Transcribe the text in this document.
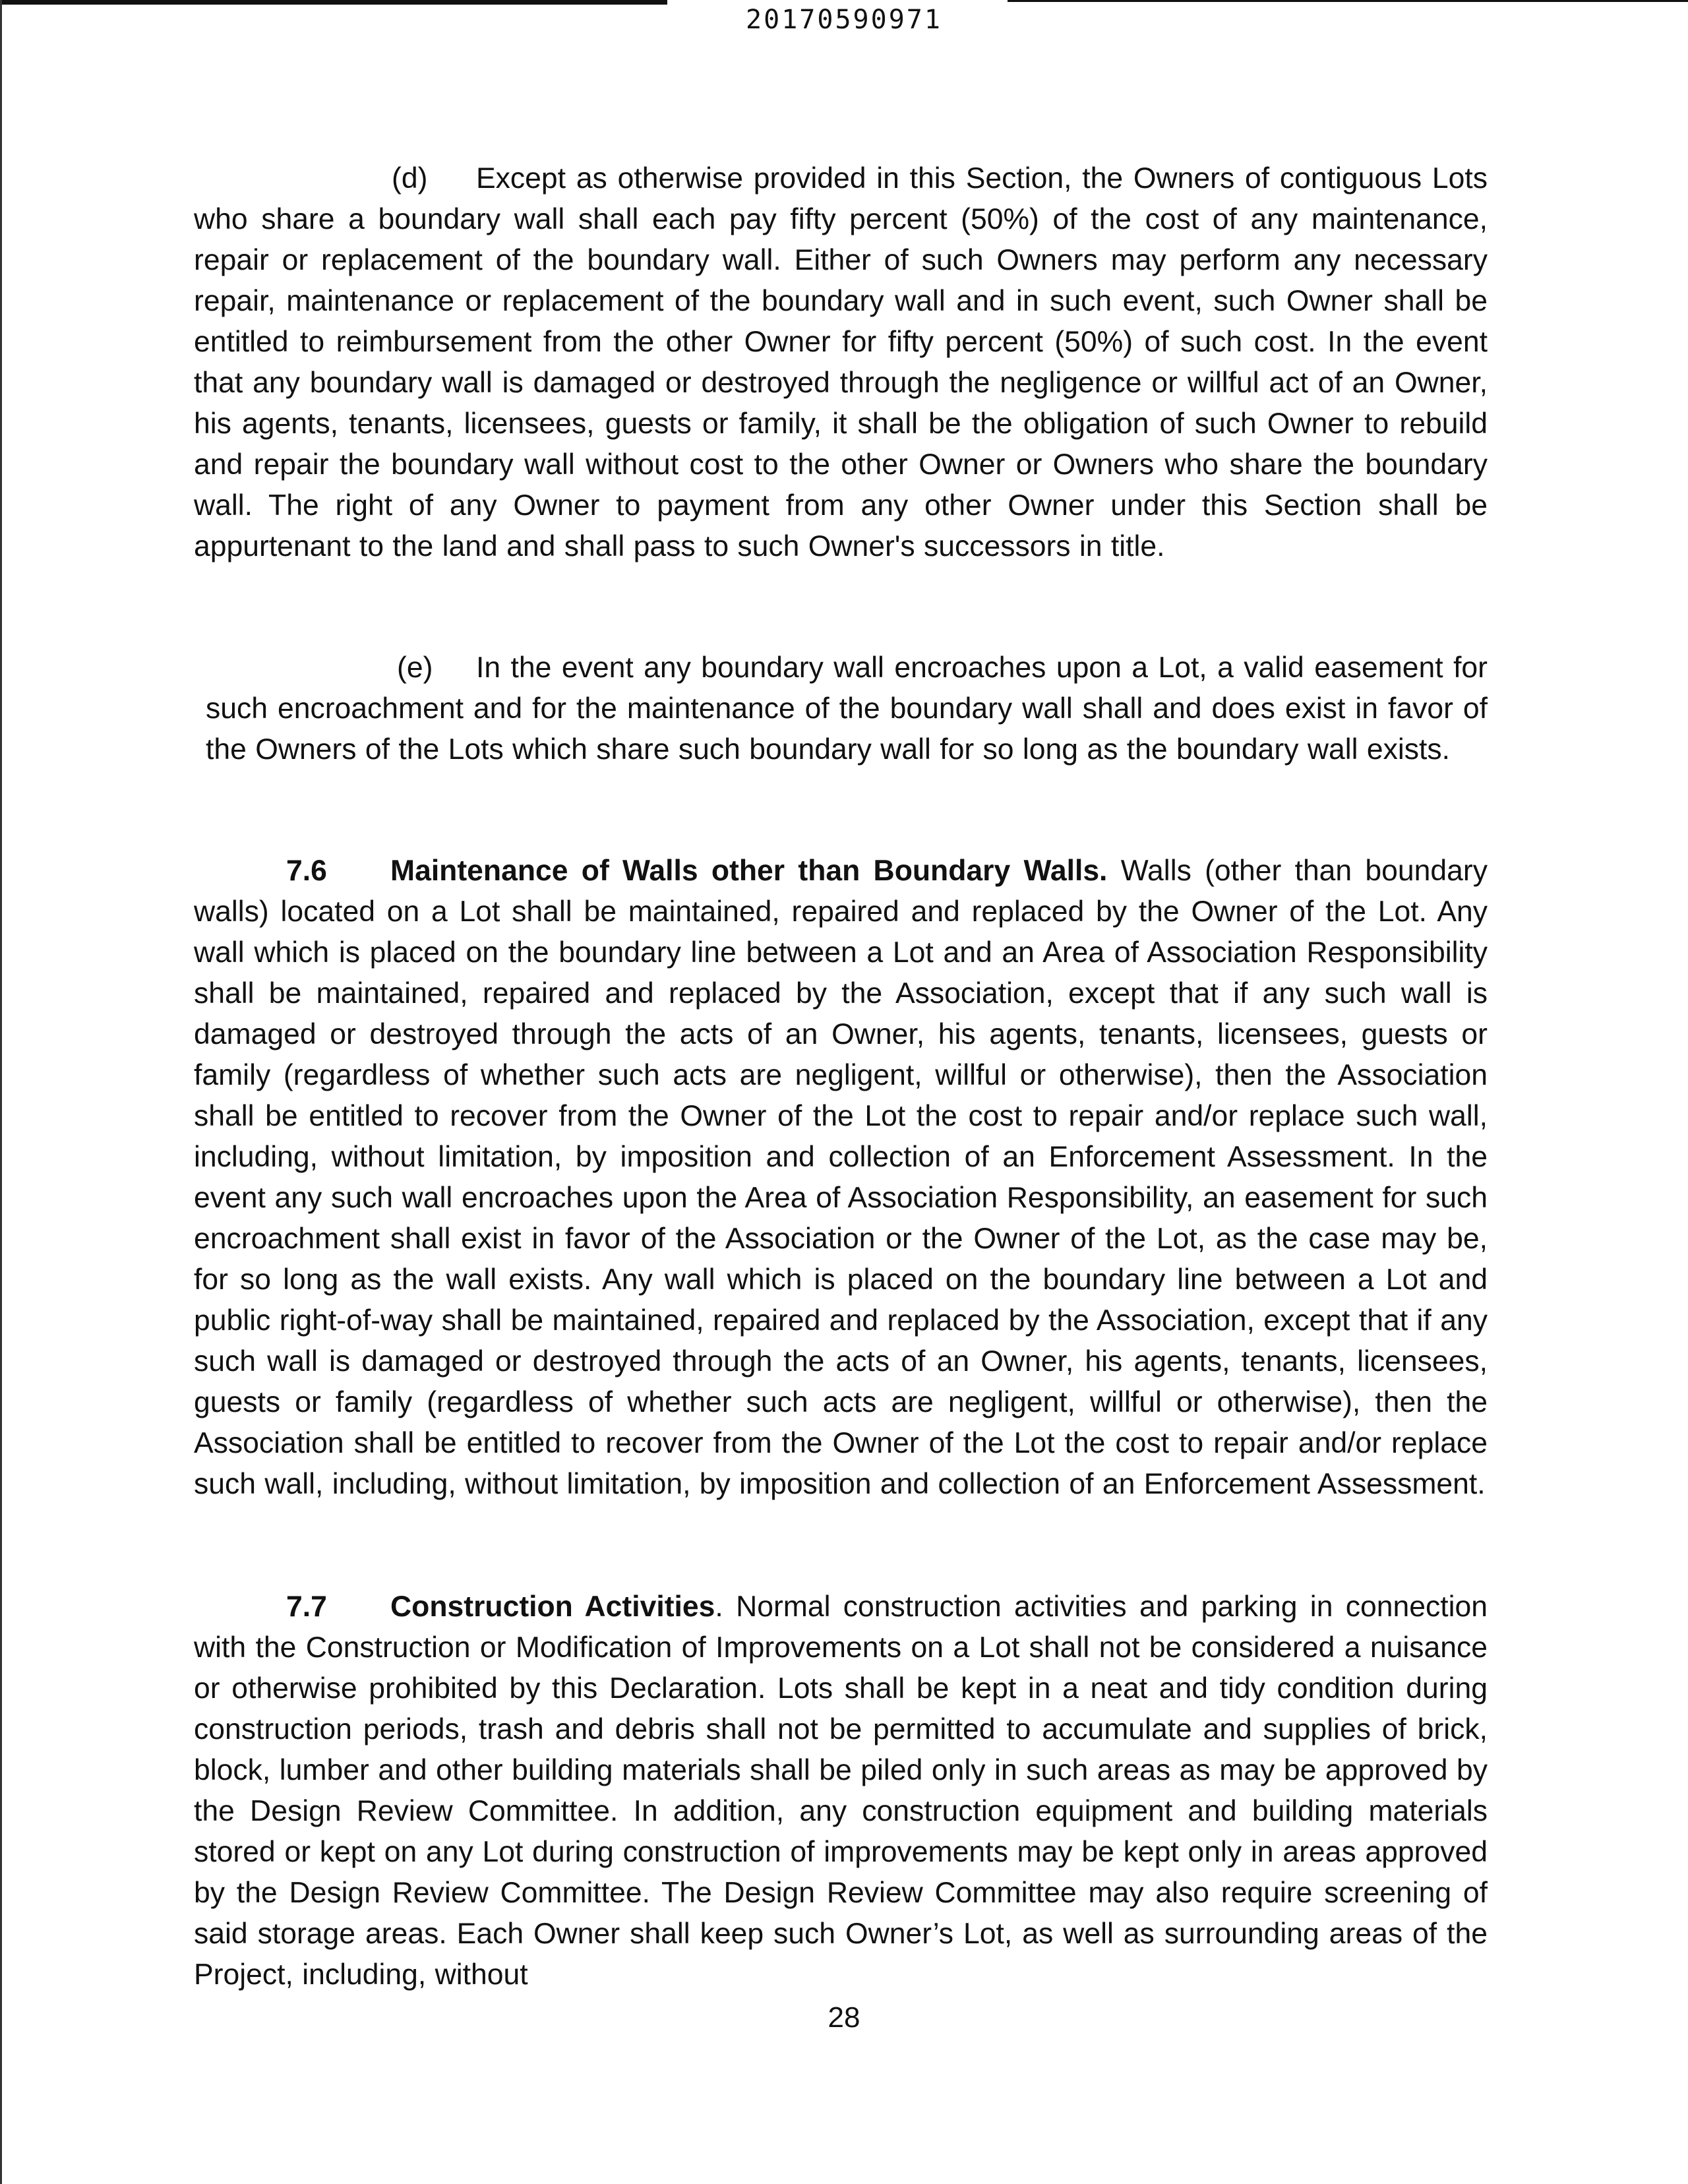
20170590971

(d) Except as otherwise provided in this Section, the Owners of contiguous Lots who share a boundary wall shall each pay fifty percent (50%) of the cost of any maintenance, repair or replacement of the boundary wall. Either of such Owners may perform any necessary repair, maintenance or replacement of the boundary wall and in such event, such Owner shall be entitled to reimbursement from the other Owner for fifty percent (50%) of such cost. In the event that any boundary wall is damaged or destroyed through the negligence or willful act of an Owner, his agents, tenants, licensees, guests or family, it shall be the obligation of such Owner to rebuild and repair the boundary wall without cost to the other Owner or Owners who share the boundary wall. The right of any Owner to payment from any other Owner under this Section shall be appurtenant to the land and shall pass to such Owner's successors in title.

(e) In the event any boundary wall encroaches upon a Lot, a valid easement for such encroachment and for the maintenance of the boundary wall shall and does exist in favor of the Owners of the Lots which share such boundary wall for so long as the boundary wall exists.

7.6 Maintenance of Walls other than Boundary Walls. Walls (other than boundary walls) located on a Lot shall be maintained, repaired and replaced by the Owner of the Lot. Any wall which is placed on the boundary line between a Lot and an Area of Association Responsibility shall be maintained, repaired and replaced by the Association, except that if any such wall is damaged or destroyed through the acts of an Owner, his agents, tenants, licensees, guests or family (regardless of whether such acts are negligent, willful or otherwise), then the Association shall be entitled to recover from the Owner of the Lot the cost to repair and/or replace such wall, including, without limitation, by imposition and collection of an Enforcement Assessment. In the event any such wall encroaches upon the Area of Association Responsibility, an easement for such encroachment shall exist in favor of the Association or the Owner of the Lot, as the case may be, for so long as the wall exists. Any wall which is placed on the boundary line between a Lot and public right-of-way shall be maintained, repaired and replaced by the Association, except that if any such wall is damaged or destroyed through the acts of an Owner, his agents, tenants, licensees, guests or family (regardless of whether such acts are negligent, willful or otherwise), then the Association shall be entitled to recover from the Owner of the Lot the cost to repair and/or replace such wall, including, without limitation, by imposition and collection of an Enforcement Assessment.

7.7 Construction Activities. Normal construction activities and parking in connection with the Construction or Modification of Improvements on a Lot shall not be considered a nuisance or otherwise prohibited by this Declaration. Lots shall be kept in a neat and tidy condition during construction periods, trash and debris shall not be permitted to accumulate and supplies of brick, block, lumber and other building materials shall be piled only in such areas as may be approved by the Design Review Committee. In addition, any construction equipment and building materials stored or kept on any Lot during construction of improvements may be kept only in areas approved by the Design Review Committee. The Design Review Committee may also require screening of said storage areas. Each Owner shall keep such Owner’s Lot, as well as surrounding areas of the Project, including, without

28
